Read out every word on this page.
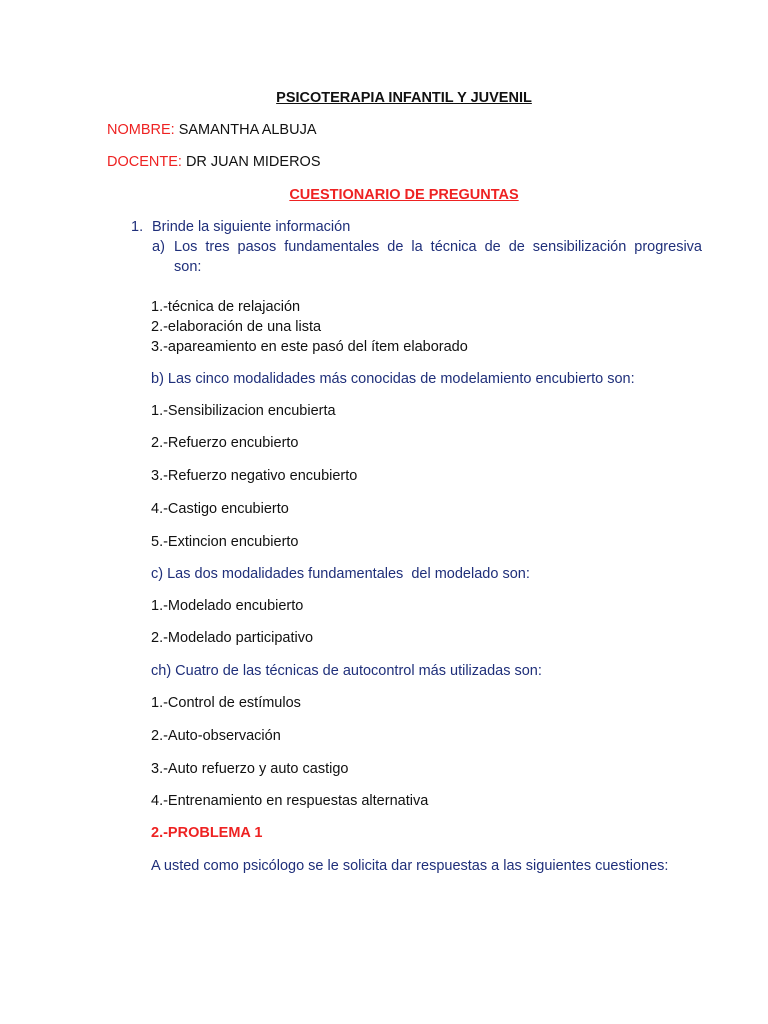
PSICOTERAPIA INFANTIL Y JUVENIL
NOMBRE: SAMANTHA ALBUJA
DOCENTE: DR JUAN MIDEROS
CUESTIONARIO DE PREGUNTAS
1. Brinde la siguiente información
a) Los tres pasos fundamentales de la técnica de de sensibilización progresiva
son:
1.-técnica de relajación
2.-elaboración de una lista
3.-apareamiento en este pasó del ítem elaborado
b) Las cinco modalidades más conocidas de modelamiento encubierto son:
1.-Sensibilizacion encubierta
2.-Refuerzo encubierto
3.-Refuerzo negativo encubierto
4.-Castigo encubierto
5.-Extincion encubierto
c) Las dos modalidades fundamentales  del modelado son:
1.-Modelado encubierto
2.-Modelado participativo
ch) Cuatro de las técnicas de autocontrol más utilizadas son:
1.-Control de estímulos
2.-Auto-observación
3.-Auto refuerzo y auto castigo
4.-Entrenamiento en respuestas alternativa
2.-PROBLEMA 1
A usted como psicólogo se le solicita dar respuestas a las siguientes cuestiones:
